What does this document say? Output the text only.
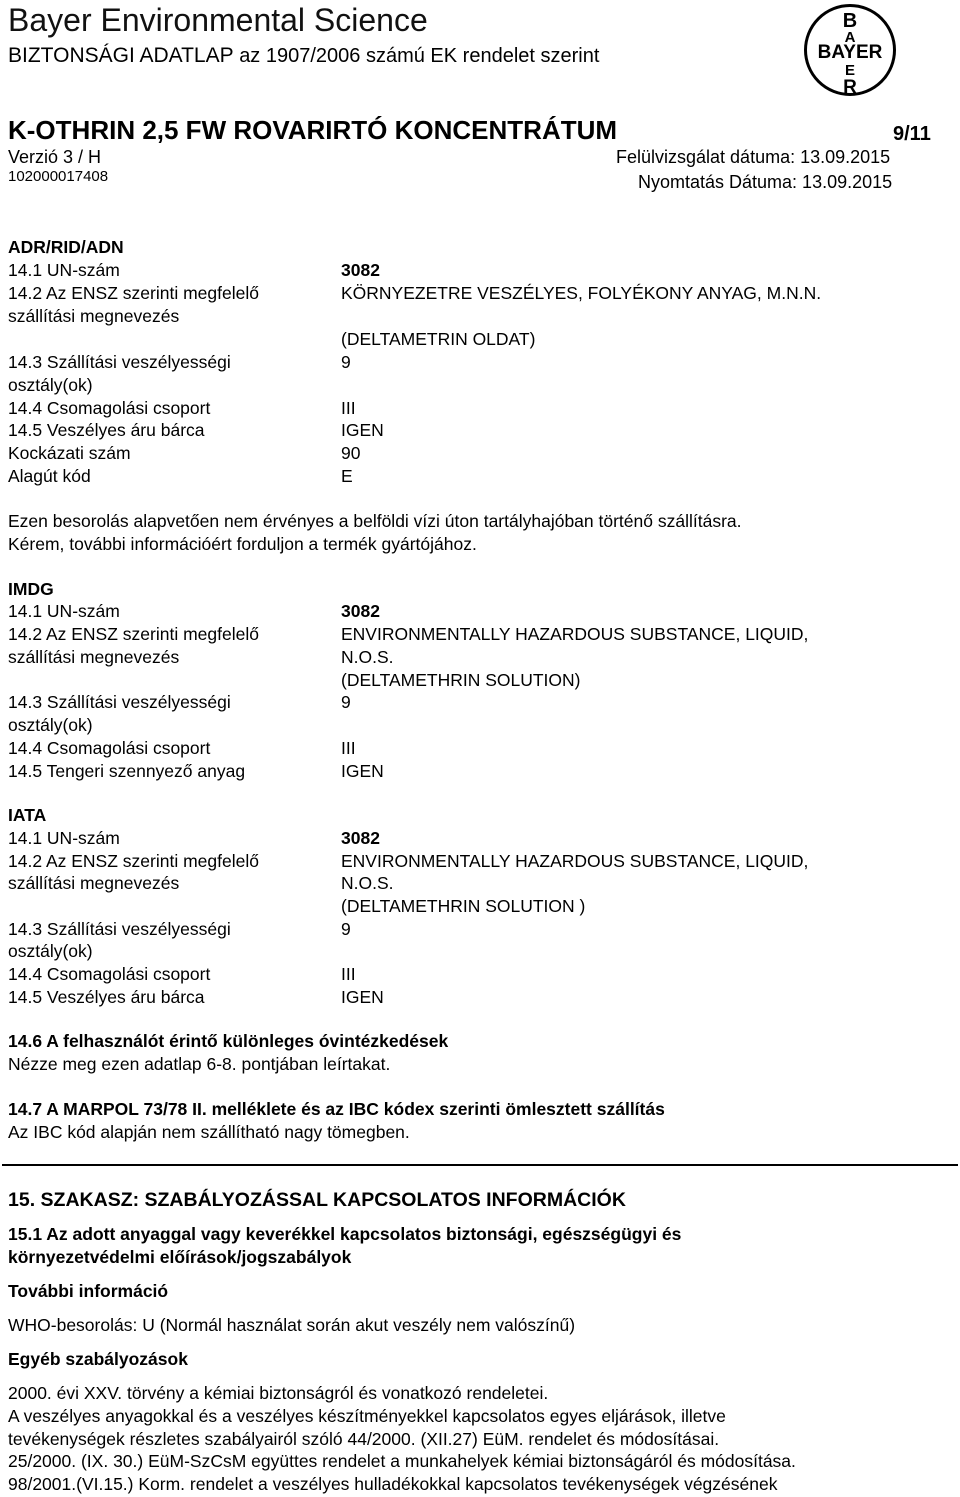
Bayer Environmental Science
BIZTONSÁGI ADATLAP az 1907/2006 számú EK rendelet szerint
B
A
BAYER
E
R
K-OTHRIN 2,5 FW ROVARIRTÓ KONCENTRÁTUM	9/11
Verzió 3 / H	Felülvizsgálat dátuma: 13.09.2015
102000017408	Nyomtatás Dátuma: 13.09.2015
ADR/RID/ADN
14.1 UN-szám	3082
14.2 Az ENSZ szerinti megfelelő	KÖRNYEZETRE VESZÉLYES, FOLYÉKONY ANYAG, M.N.N.
szállítási megnevezés
(DELTAMETRIN OLDAT)
14.3 Szállítási veszélyességi	9
osztály(ok)
14.4 Csomagolási csoport	III
14.5 Veszélyes áru bárca	IGEN
Kockázati szám	90
Alagút kód	E
Ezen besorolás alapvetően nem érvényes a belföldi vízi úton tartályhajóban történő szállításra.
Kérem, további információért forduljon a termék gyártójához.
IMDG
14.1 UN-szám	3082
14.2 Az ENSZ szerinti megfelelő	ENVIRONMENTALLY HAZARDOUS SUBSTANCE, LIQUID,
szállítási megnevezés	N.O.S.
(DELTAMETHRIN SOLUTION)
14.3 Szállítási veszélyességi	9
osztály(ok)
14.4 Csomagolási csoport	III
14.5 Tengeri szennyező anyag	IGEN
IATA
14.1 UN-szám	3082
14.2 Az ENSZ szerinti megfelelő	ENVIRONMENTALLY HAZARDOUS SUBSTANCE, LIQUID,
szállítási megnevezés	N.O.S.
(DELTAMETHRIN SOLUTION )
14.3 Szállítási veszélyességi	9
osztály(ok)
14.4 Csomagolási csoport	III
14.5 Veszélyes áru bárca	IGEN
14.6 A felhasználót érintő különleges óvintézkedések
Nézze meg ezen adatlap 6-8. pontjában leírtakat.
14.7 A MARPOL 73/78 II. melléklete és az IBC kódex szerinti ömlesztett szállítás
Az IBC kód alapján nem szállítható nagy tömegben.
15. SZAKASZ: SZABÁLYOZÁSSAL KAPCSOLATOS INFORMÁCIÓK
15.1 Az adott anyaggal vagy keverékkel kapcsolatos biztonsági, egészségügyi és
környezetvédelmi előírások/jogszabályok
További információ
WHO-besorolás: U (Normál használat során akut veszély nem valószínű)
Egyéb szabályozások
2000. évi XXV. törvény a kémiai biztonságról és vonatkozó rendeletei.
A veszélyes anyagokkal és a veszélyes készítményekkel kapcsolatos egyes eljárások, illetve
tevékenységek részletes szabályairól szóló 44/2000. (XII.27) EüM. rendelet és módosításai.
25/2000. (IX. 30.) EüM-SzCsM együttes rendelet a munkahelyek kémiai biztonságáról és módosítása.
98/2001.(VI.15.) Korm. rendelet a veszélyes hulladékokkal kapcsolatos tevékenységek végzésének
